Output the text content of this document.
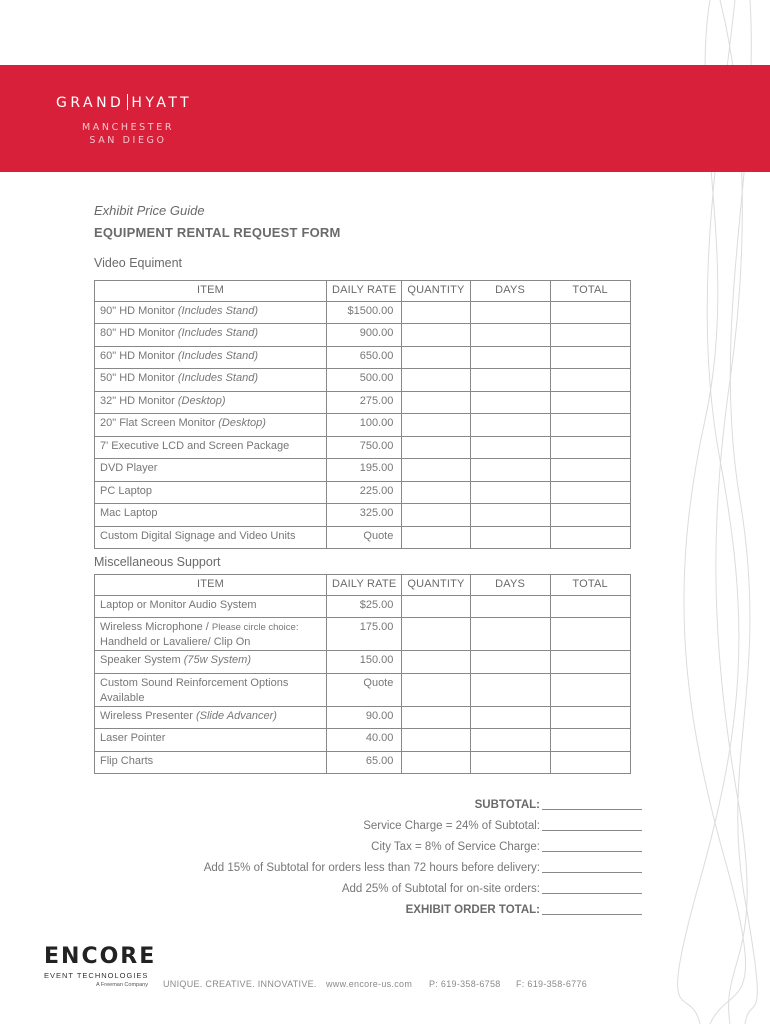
GRAND HYATT
MANCHESTER
SAN DIEGO
Exhibit Price Guide
EQUIPMENT RENTAL REQUEST FORM
Video Equiment
ITEM	DAILY RATE	QUANTITY	DAYS	TOTAL
90" HD Monitor (Includes Stand)	$1500.00			
80" HD Monitor (Includes Stand)	900.00			
60" HD Monitor (Includes Stand)	650.00			
50" HD Monitor (Includes Stand)	500.00			
32" HD Monitor (Desktop)	275.00			
20" Flat Screen Monitor (Desktop)	100.00			
7' Executive LCD and Screen Package	750.00			
DVD Player	195.00			
PC Laptop	225.00			
Mac Laptop	325.00			
Custom Digital Signage and Video Units	Quote			
Miscellaneous Support
ITEM	DAILY RATE	QUANTITY	DAYS	TOTAL
Laptop or Monitor Audio System	$25.00			
Wireless Microphone / Please circle choice:
Handheld or Lavaliere/ Clip On	175.00			
Speaker System (75w System)	150.00			
Custom Sound Reinforcement Options Available	Quote			
Wireless Presenter (Slide Advancer)	90.00			
Laser Pointer	40.00			
Flip Charts	65.00			
SUBTOTAL:
Service Charge = 24% of Subtotal:
City Tax = 8% of Service Charge:
Add 15% of Subtotal for orders less than 72 hours before delivery:
Add 25% of Subtotal for on-site orders:
EXHIBIT ORDER TOTAL:
ENCORE
EVENT TECHNOLOGIES
A Freeman Company	UNIQUE. CREATIVE. INNOVATIVE. www.encore-us.com P: 619-358-6758 F: 619-358-6776
